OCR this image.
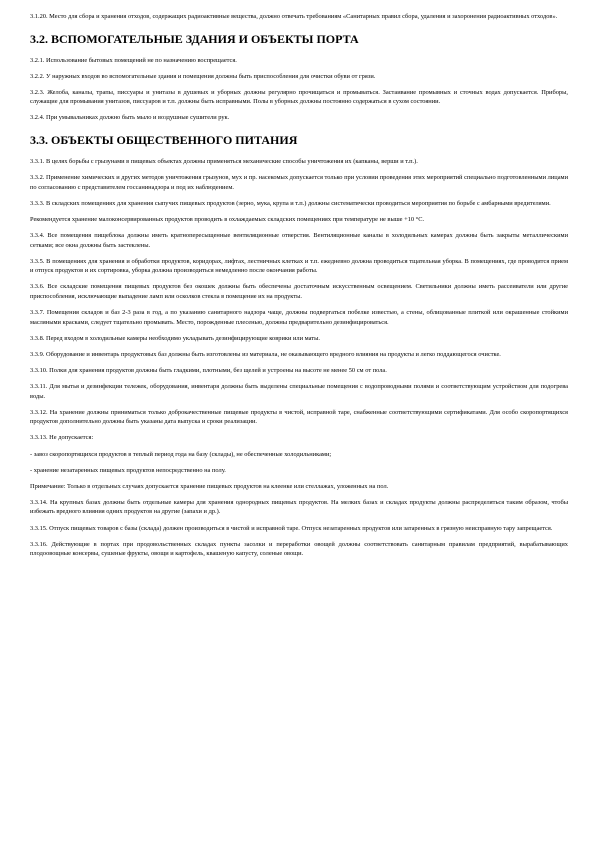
3.1.20. Место для сбора и хранения отходов, содержащих радиоактивные вещества, должно отвечать требованиям «Санитарных правил сбора, удаления и захоронения радиоактивных отходов».

3.2. ВСПОМОГАТЕЛЬНЫЕ ЗДАНИЯ И ОБЪЕКТЫ ПОРТА

3.2.1. Использование бытовых помещений не по назначению воспрещается.

3.2.2. У наружных входов во вспомогательные здания и помещения должны быть приспособления для очистки обуви от грязи.

3.2.3. Желоба, каналы, трапы, писсуары и унитазы в душевых и уборных должны регулярно прочищаться и промываться. Застаивание промывных и сточных водах допускается. Приборы, служащие для промывания унитазов, писсуаров и т.п. должны быть исправными. Полы в уборных должны постоянно содержаться в сухом состоянии.

3.2.4. При умывальниках должно быть мыло и воздушные сушители рук.

3.3. ОБЪЕКТЫ ОБЩЕСТВЕННОГО ПИТАНИЯ

3.3.1. В целях борьбы с грызунами в пищевых объектах должны применяться механические способы уничтожения их (капканы, верши и т.п.).

3.3.2. Применение химических и других методов уничтожения грызунов, мух и пр. насекомых допускается только при условии проведения этих мероприятий специально подготовленными лицами по согласованию с представителем госсанинадзора и под их наблюдением.

3.3.3. В складских помещениях для хранения сыпучих пищевых продуктов (зерно, мука, крупа и т.п.) должны систематически проводиться мероприятия по борьбе с амбарными вредителями.

Рекомендуется хранение малоконсервированных продуктов проводить в охлаждаемых складских помещениях при температуре не выше +10 °С.

3.3.4. Все помещения пищеблока должны иметь кратнопересыщенные вентиляционные отверстия. Вентиляционные каналы в холодильных камерах должны быть закрыты металлическими сетками; все окна должны быть застеклены.

3.3.5. В помещениях для хранения и обработки продуктов, коридорах, лифтах, лестничных клетках и т.п. ежедневно должна проводиться тщательная уборка. В помещениях, где проводится прием и отпуск продуктов и их сортировка, уборка должна производиться немедленно после окончания работы.

3.3.6. Все складские помещения пищевых продуктов без окошек должны быть обеспечены достаточным искусственным освещением. Светильники должны иметь рассеиватели или другие приспособления, исключающие выпадение ламп или осколков стекла в помещение их на продукты.

3.3.7. Помещения складов и баз 2-3 раза в год, а по указанию санитарного надзора чаще, должны подвергаться побелке известью, а стены, облицованные плиткой или окрашенные стойкими масляными красками, следует тщательно промывать. Место, порожденные плесенью, должны предварительно дезинфицироваться.

3.3.8. Перед входом в холодильные камеры необходимо укладывать дезинфицирующие коврики или маты.

3.3.9. Оборудование и инвентарь продуктовых баз должны быть изготовлены из материала, не оказывающего вредного влияния на продукты и легко поддающегося очистке.

3.3.10. Полки для хранения продуктов должны быть гладкими, плотными, без щелей и устроены на высоте не менее 50 см от пола.

3.3.11. Для мытья и дезинфекции тележек, оборудования, инвентаря должны быть выделены специальные помещения с водопроводными полями и соответствующим устройством для подогрева воды.

3.3.12. На хранение должны приниматься только доброкачественные пищевые продукты в чистой, исправной таре, снабженные соответствующими сертификатами. Для особо скоропортящихся продуктов дополнительно должны быть указаны дата выпуска и сроки реализации.

3.3.13. Не допускается:

- завоз скоропортящихся продуктов в теплый период года на базу (склады), не обеспеченные холодильниками;

- хранение незатаренных пищевых продуктов непосредственно на полу.

Примечание: Только в отдельных случаях допускается хранение пищевых продуктов на клеенке или стеллажах, уложенных на пол.

3.3.14. На крупных базах должны быть отдельные камеры для хранения однородных пищевых продуктов. На мелких базах и складах продукты должны распределяться таким образом, чтобы избежать вредного влияния одних продуктов на другие (запахи и др.).

3.3.15. Отпуск пищевых товаров с базы (склада) должен производиться в чистой и исправной таре. Отпуск незатаренных продуктов или затаренных в грязную неисправную тару запрещается.

3.3.16. Действующие в портах при продовольственных складах пункты засолки и переработки овощей должны соответствовать санитарным правилам предприятий, вырабатывающих плодоовощные консервы, сушеные фрукты, овощи и картофель, квашеную капусту, соленые овощи.
